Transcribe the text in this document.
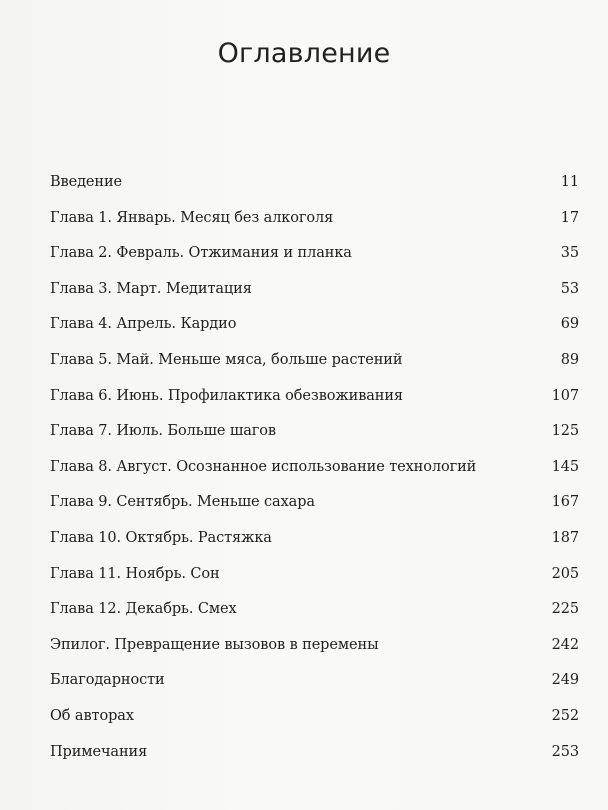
Оглавление
Введение	11
Глава 1. Январь. Месяц без алкоголя	17
Глава 2. Февраль. Отжимания и планка	35
Глава 3. Март. Медитация	53
Глава 4. Апрель. Кардио	69
Глава 5. Май. Меньше мяса, больше растений	89
Глава 6. Июнь. Профилактика обезвоживания	107
Глава 7. Июль. Больше шагов	125
Глава 8. Август. Осознанное использование технологий	145
Глава 9. Сентябрь. Меньше сахара	167
Глава 10. Октябрь. Растяжка	187
Глава 11. Ноябрь. Сон	205
Глава 12. Декабрь. Смех	225
Эпилог. Превращение вызовов в перемены	242
Благодарности	249
Об авторах	252
Примечания	253
